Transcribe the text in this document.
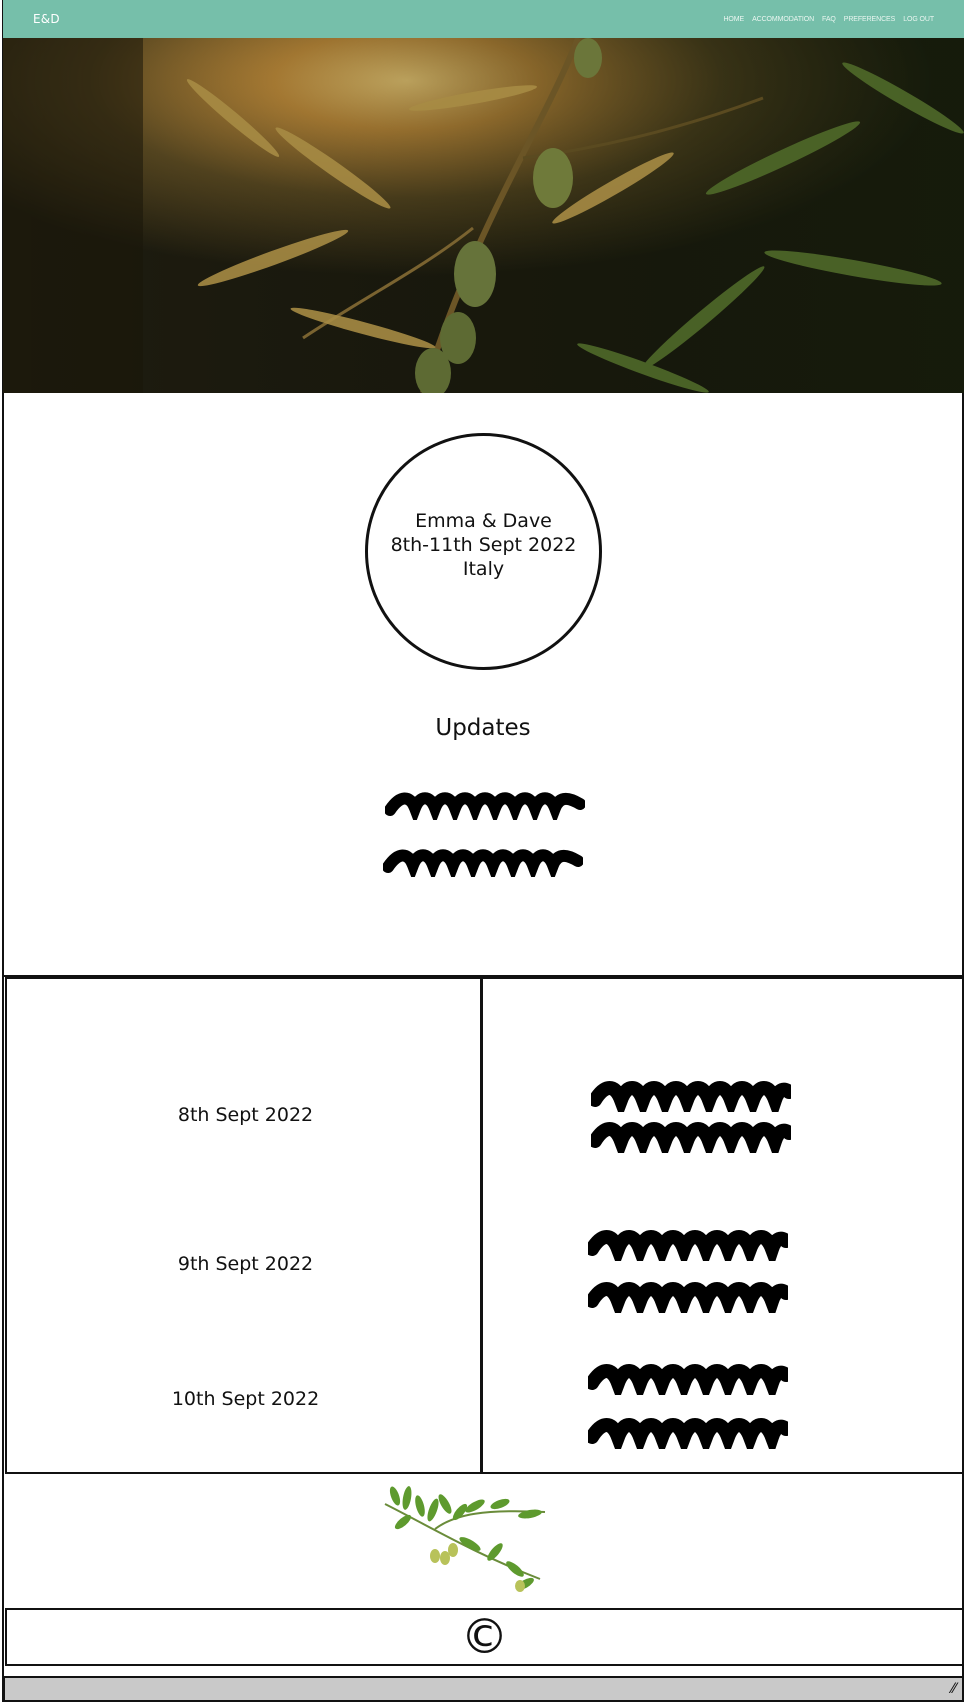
E&D	HOME ACCOMMODATION FAQ PREFERENCES LOG OUT
Emma & Dave
8th-11th Sept 2022
Italy
Updates
8th Sept 2022
9th Sept 2022
10th Sept 2022
©
⁄⁄
